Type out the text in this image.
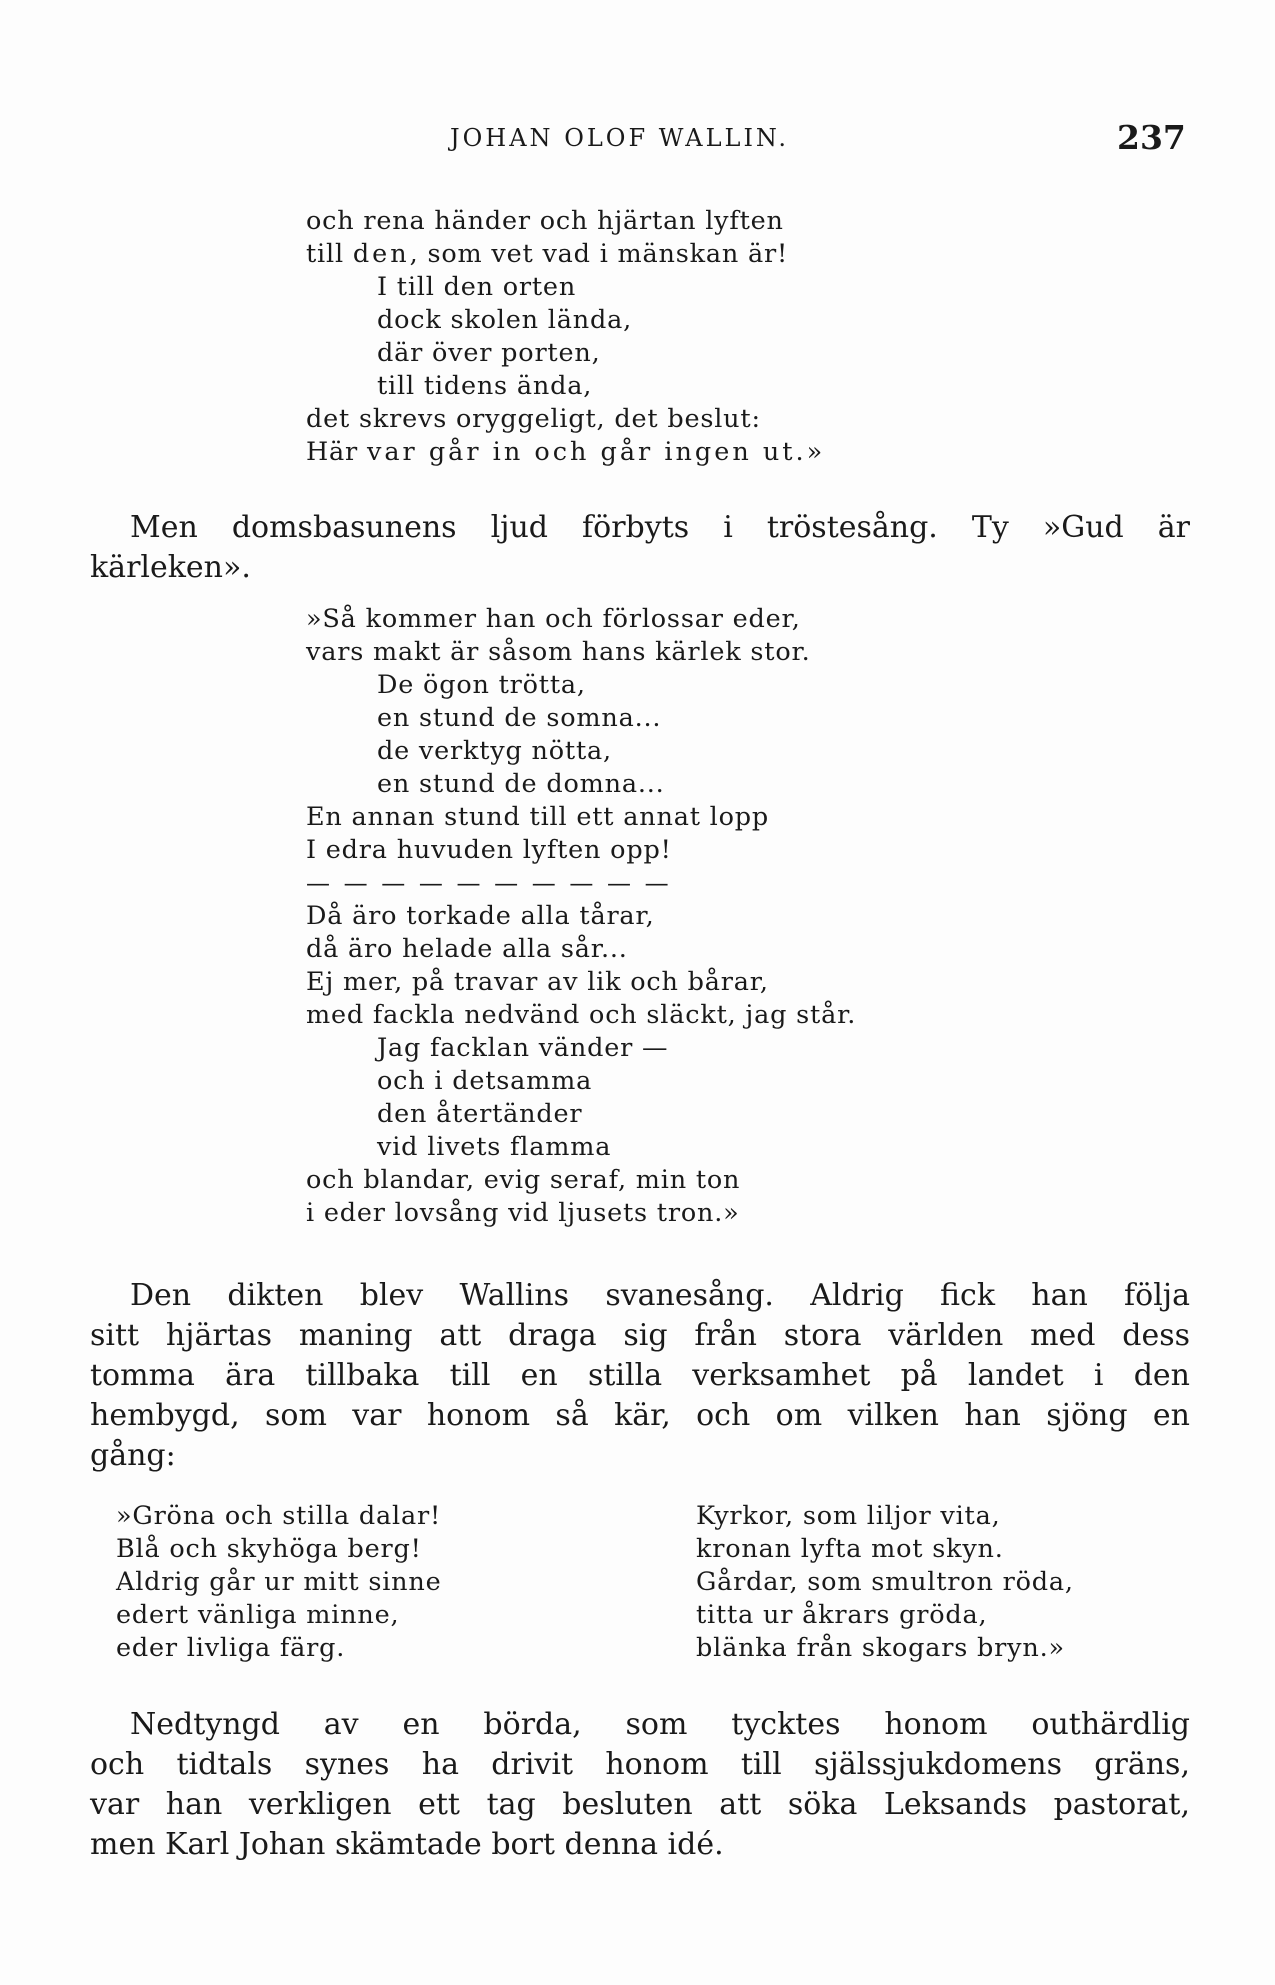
JOHAN OLOF WALLIN.	237
och rena händer och hjärtan lyften
till den, som vet vad i mänskan är!
I till den orten
dock skolen lända,
där över porten,
till tidens ända,
det skrevs oryggeligt, det beslut:
Här var går in och går ingen ut.»
Men domsbasunens ljud förbyts i tröstesång. Ty »Gud är
kärleken».
»Så kommer han och förlossar eder,
vars makt är såsom hans kärlek stor.
De ögon trötta,
en stund de somna...
de verktyg nötta,
en stund de domna...
En annan stund till ett annat lopp
I edra huvuden lyften opp!
— — — — — — — — — —
Då äro torkade alla tårar,
då äro helade alla sår...
Ej mer, på travar av lik och bårar,
med fackla nedvänd och släckt, jag står.
Jag facklan vänder —
och i detsamma
den återtänder
vid livets flamma
och blandar, evig seraf, min ton
i eder lovsång vid ljusets tron.»
Den dikten blev Wallins svanesång. Aldrig fick han följa
sitt hjärtas maning att draga sig från stora världen med dess
tomma ära tillbaka till en stilla verksamhet på landet i den
hembygd, som var honom så kär, och om vilken han sjöng en
gång:
»Gröna och stilla dalar!
Blå och skyhöga berg!
Aldrig går ur mitt sinne
edert vänliga minne,
eder livliga färg.
Kyrkor, som liljor vita,
kronan lyfta mot skyn.
Gårdar, som smultron röda,
titta ur åkrars gröda,
blänka från skogars bryn.»
Nedtyngd av en börda, som tycktes honom outhärdlig
och tidtals synes ha drivit honom till själssjukdomens gräns,
var han verkligen ett tag besluten att söka Leksands pastorat,
men Karl Johan skämtade bort denna idé.
